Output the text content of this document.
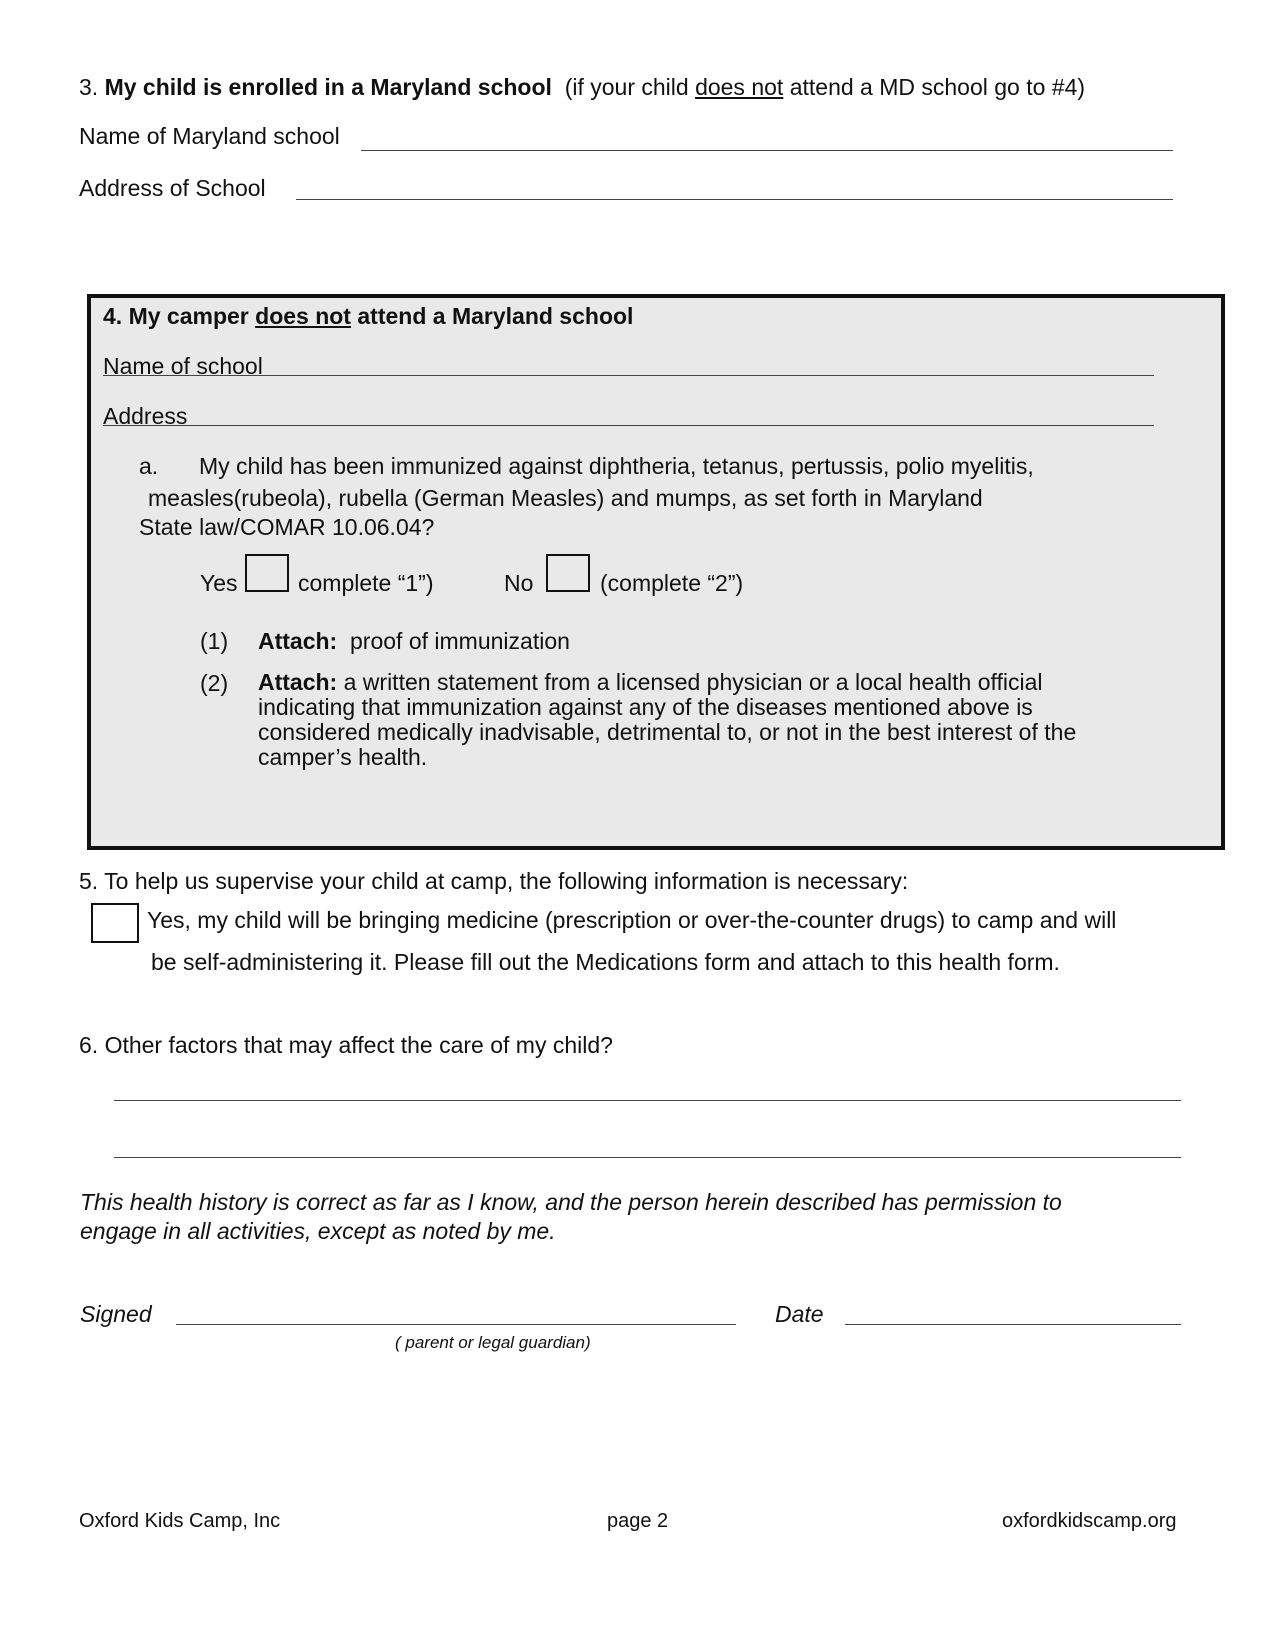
3. My child is enrolled in a Maryland school (if your child does not attend a MD school go to #4)
Name of Maryland school
Address of School
4. My camper does not attend a Maryland school
Name of school
Address
a. My child has been immunized against diphtheria, tetanus, pertussis, polio myelitis,
measles(rubeola), rubella (German Measles) and mumps, as set forth in Maryland
State law/COMAR 10.06.04?
Yes	complete “1”)	No	(complete “2”)
(1) Attach: proof of immunization
(2) Attach: a written statement from a licensed physician or a local health official indicating that immunization against any of the diseases mentioned above is considered medically inadvisable, detrimental to, or not in the best interest of the camper’s health.
5. To help us supervise your child at camp, the following information is necessary:
Yes, my child will be bringing medicine (prescription or over-the-counter drugs) to camp and will
be self-administering it. Please fill out the Medications form and attach to this health form.
6. Other factors that may affect the care of my child?
This health history is correct as far as I know, and the person herein described has permission to
engage in all activities, except as noted by me.
Signed
( parent or legal guardian)
Date
Oxford Kids Camp, Inc	page 2	oxfordkidscamp.org
